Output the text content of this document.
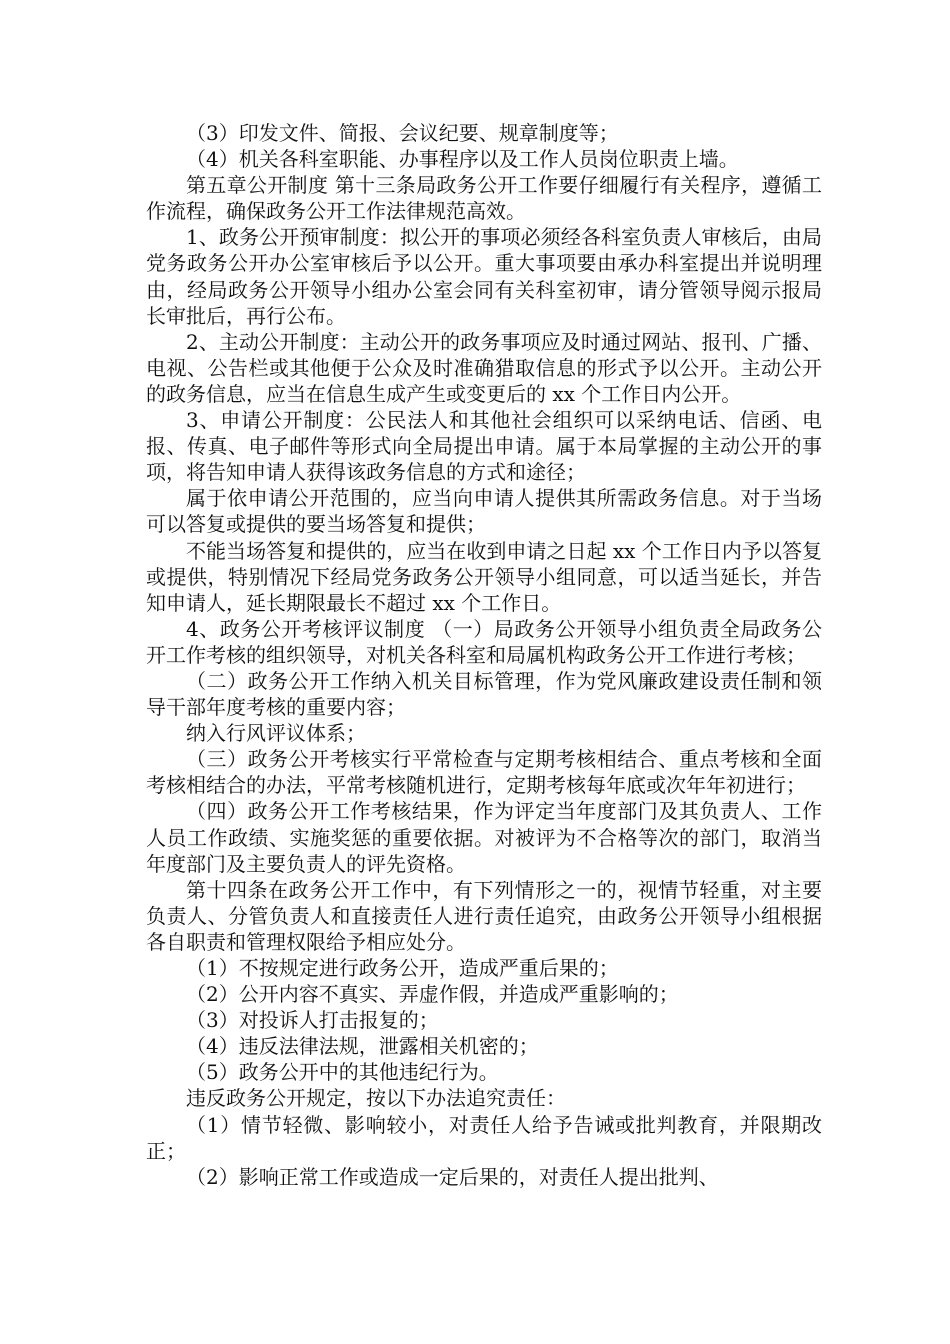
（3）印发文件、简报、会议纪要、规章制度等；

（4）机关各科室职能、办事程序以及工作人员岗位职责上墙。

第五章公开制度 第十三条局政务公开工作要仔细履行有关程序，遵循工作流程，确保政务公开工作法律规范高效。

1、政务公开预审制度：拟公开的事项必须经各科室负责人审核后，由局党务政务公开办公室审核后予以公开。重大事项要由承办科室提出并说明理由，经局政务公开领导小组办公室会同有关科室初审，请分管领导阅示报局长审批后，再行公布。

2、主动公开制度：主动公开的政务事项应及时通过网站、报刊、广播、电视、公告栏或其他便于公众及时准确猎取信息的形式予以公开。主动公开的政务信息，应当在信息生成产生或变更后的 xx 个工作日内公开。

3、申请公开制度：公民法人和其他社会组织可以采纳电话、信函、电报、传真、电子邮件等形式向全局提出申请。属于本局掌握的主动公开的事项，将告知申请人获得该政务信息的方式和途径；

属于依申请公开范围的，应当向申请人提供其所需政务信息。对于当场可以答复或提供的要当场答复和提供；

不能当场答复和提供的，应当在收到申请之日起 xx 个工作日内予以答复或提供，特别情况下经局党务政务公开领导小组同意，可以适当延长，并告知申请人，延长期限最长不超过 xx 个工作日。

4、政务公开考核评议制度 （一）局政务公开领导小组负责全局政务公开工作考核的组织领导，对机关各科室和局属机构政务公开工作进行考核；

（二）政务公开工作纳入机关目标管理，作为党风廉政建设责任制和领导干部年度考核的重要内容；

纳入行风评议体系；

（三）政务公开考核实行平常检查与定期考核相结合、重点考核和全面考核相结合的办法，平常考核随机进行，定期考核每年底或次年年初进行；

（四）政务公开工作考核结果，作为评定当年度部门及其负责人、工作人员工作政绩、实施奖惩的重要依据。对被评为不合格等次的部门，取消当年度部门及主要负责人的评先资格。

第十四条在政务公开工作中，有下列情形之一的，视情节轻重，对主要负责人、分管负责人和直接责任人进行责任追究，由政务公开领导小组根据各自职责和管理权限给予相应处分。

（1）不按规定进行政务公开，造成严重后果的；

（2）公开内容不真实、弄虚作假，并造成严重影响的；

（3）对投诉人打击报复的；

（4）违反法律法规，泄露相关机密的；

（5）政务公开中的其他违纪行为。

违反政务公开规定，按以下办法追究责任：

（1）情节轻微、影响较小，对责任人给予告诫或批判教育，并限期改正；

（2）影响正常工作或造成一定后果的，对责任人提出批判、
